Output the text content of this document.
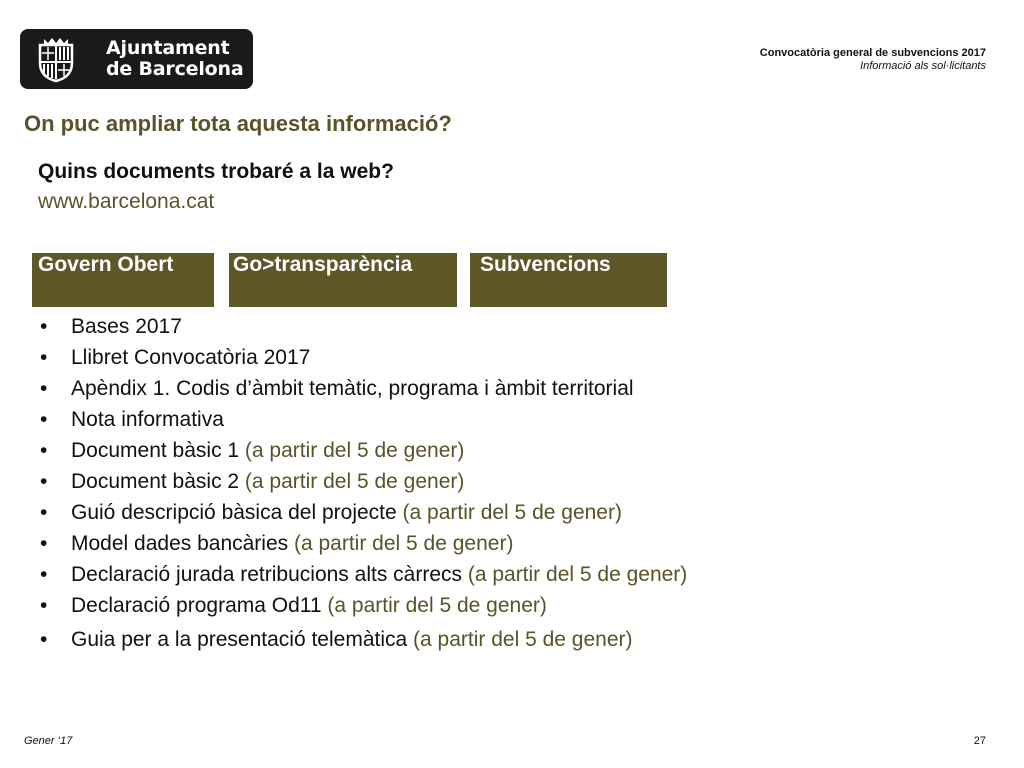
Ajuntament
de Barcelona
Convocatòria general de subvencions 2017
Informació als sol·licitants
On puc ampliar tota aquesta informació?
Quins documents trobaré a la web?
www.barcelona.cat
Govern Obert	Go>transparència	Subvencions
• Bases 2017
• Llibret Convocatòria 2017
• Apèndix 1. Codis d’àmbit temàtic, programa i àmbit territorial
• Nota informativa
• Document bàsic 1 (a partir del 5 de gener)
• Document bàsic 2 (a partir del 5 de gener)
• Guió descripció bàsica del projecte (a partir del 5 de gener)
• Model dades bancàries (a partir del 5 de gener)
• Declaració jurada retribucions alts càrrecs (a partir del 5 de gener)
• Declaració programa Od11 (a partir del 5 de gener)
• Guia per a la presentació telemàtica (a partir del 5 de gener)
Gener ‘17	27
